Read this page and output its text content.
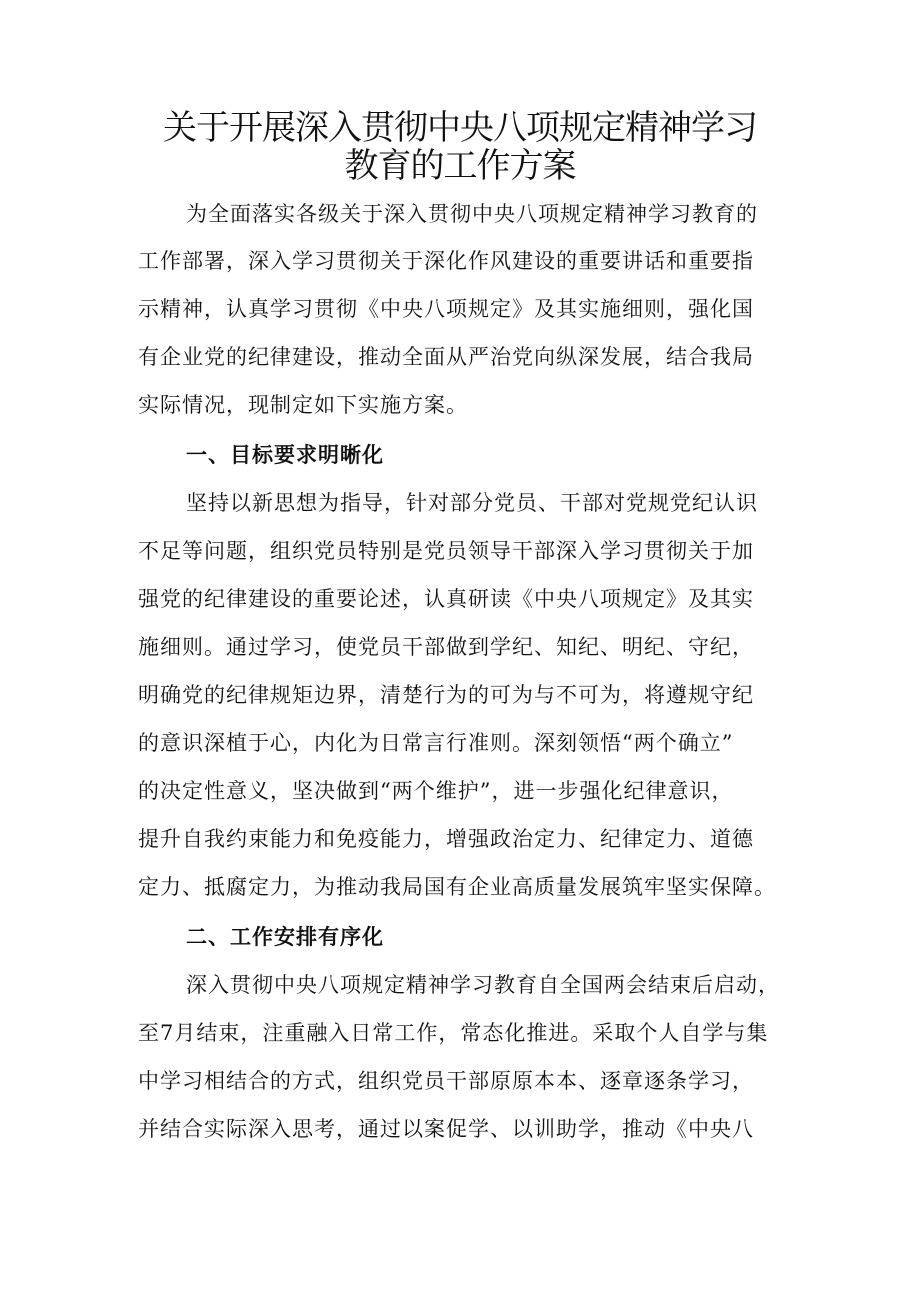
关于开展深入贯彻中央八项规定精神学习
教育的工作方案
为全面落实各级关于深入贯彻中央八项规定精神学习教育的
工作部署，深入学习贯彻关于深化作风建设的重要讲话和重要指
示精神，认真学习贯彻《中央八项规定》及其实施细则，强化国
有企业党的纪律建设，推动全面从严治党向纵深发展，结合我局
实际情况，现制定如下实施方案。
一、目标要求明晰化
坚持以新思想为指导，针对部分党员、干部对党规党纪认识
不足等问题，组织党员特别是党员领导干部深入学习贯彻关于加
强党的纪律建设的重要论述，认真研读《中央八项规定》及其实
施细则。通过学习，使党员干部做到学纪、知纪、明纪、守纪，
明确党的纪律规矩边界，清楚行为的可为与不可为，将遵规守纪
的意识深植于心，内化为日常言行准则。深刻领悟“两个确立”
的决定性意义，坚决做到“两个维护”，进一步强化纪律意识，
提升自我约束能力和免疫能力，增强政治定力、纪律定力、道德
定力、抵腐定力，为推动我局国有企业高质量发展筑牢坚实保障。
二、工作安排有序化
深入贯彻中央八项规定精神学习教育自全国两会结束后启动，
至7月结束，注重融入日常工作，常态化推进。采取个人自学与集
中学习相结合的方式，组织党员干部原原本本、逐章逐条学习，
并结合实际深入思考，通过以案促学、以训助学，推动《中央八
